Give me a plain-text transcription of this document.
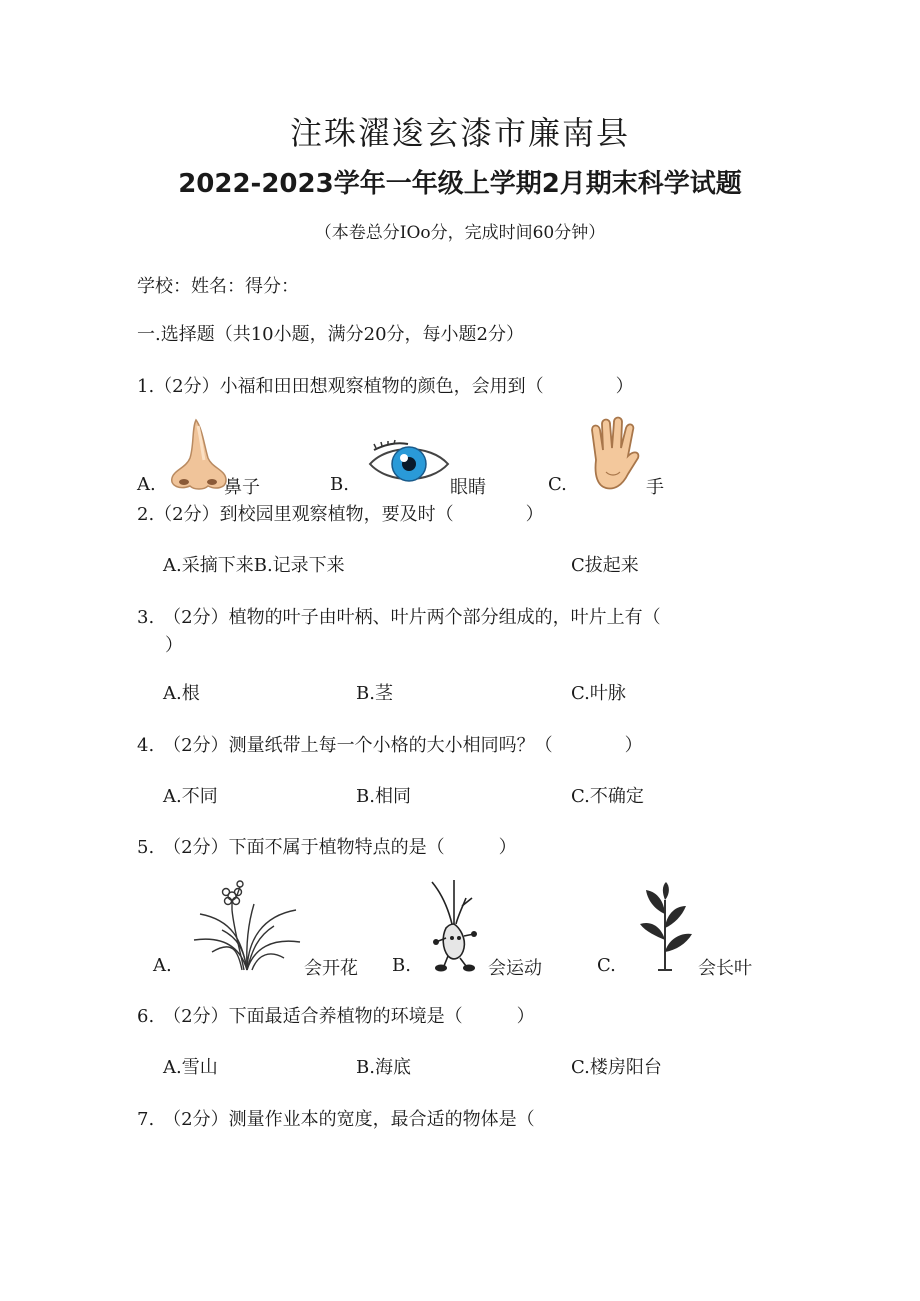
注珠濯逡玄漆市廉南县
2022-2023学年一年级上学期2月期末科学试题
（本卷总分IOo分，完成时间60分钟）
学校：姓名：得分：
一.选择题（共10小题，满分20分，每小题2分）
1.（2分）小福和田田想观察植物的颜色，会用到（　　　　）
A.	鼻子	B.	眼睛	C.	手
2.（2分）到校园里观察植物，要及时（　　　　）
A.采摘下来B.记录下来	C拔起来
3.　（2分）植物的叶子由叶柄、叶片两个部分组成的，叶片上有（
）
A.根	B.茎	C.叶脉
4.　（2分）测量纸带上每一个小格的大小相同吗？（　　　　）
A.不同	B.相同	C.不确定
5.　（2分）下面不属于植物特点的是（　　　）
A.	会开花 B.	会运动	C.	会长叶
6.　（2分）下面最适合养植物的环境是（　　　）
A.雪山	B.海底	C.楼房阳台
7.　（2分）测量作业本的宽度，最合适的物体是（
